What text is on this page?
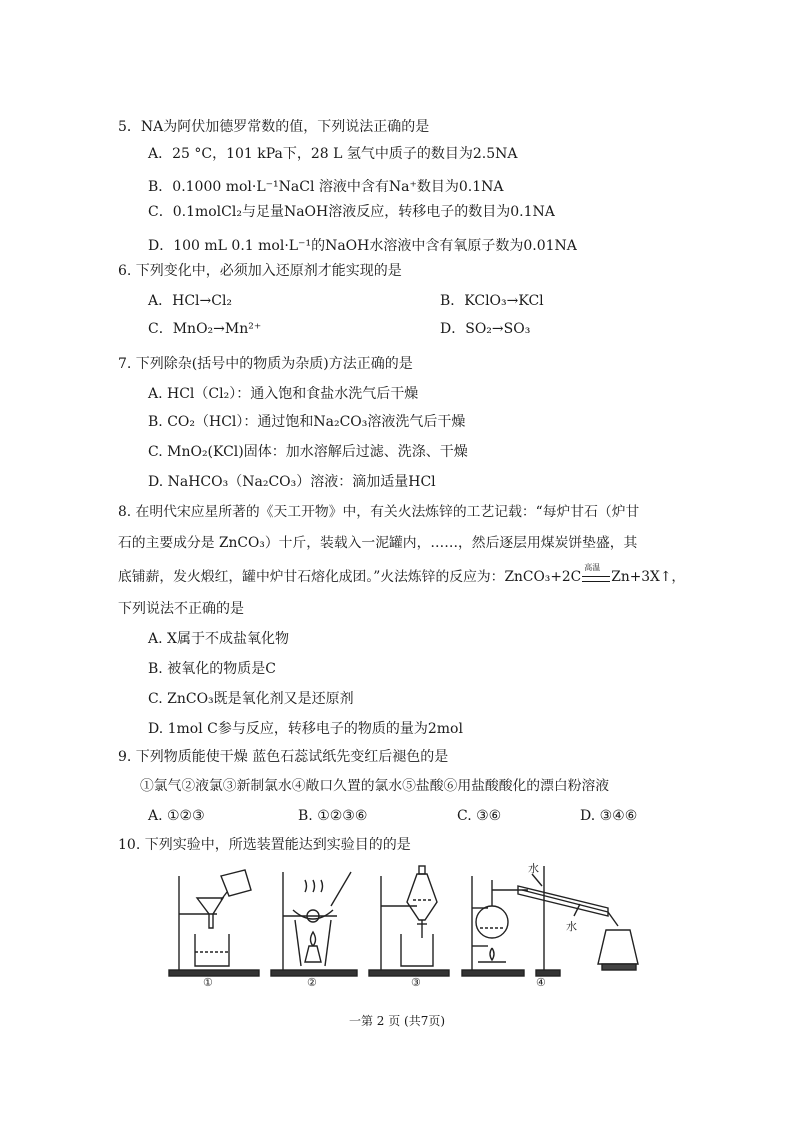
5．NA为阿伏加德罗常数的值，下列说法正确的是
A．25 °C，101 kPa下，28 L 氢气中质子的数目为2.5NA
B．0.1000 mol·L⁻¹NaCl 溶液中含有Na⁺数目为0.1NA
C．0.1molCl₂与足量NaOH溶液反应，转移电子的数目为0.1NA
D．100 mL 0.1 mol·L⁻¹的NaOH水溶液中含有氧原子数为0.01NA
6. 下列变化中，必须加入还原剂才能实现的是
A．HCl→Cl₂	B．KClO₃→KCl
C．MnO₂→Mn²⁺	D．SO₂→SO₃
7. 下列除杂(括号中的物质为杂质)方法正确的是
A. HCl（Cl₂）：通入饱和食盐水洗气后干燥
B. CO₂（HCl）：通过饱和Na₂CO₃溶液洗气后干燥
C. MnO₂(KCl)固体：加水溶解后过滤、洗涤、干燥
D. NaHCO₃（Na₂CO₃）溶液：滴加适量HCl
8. 在明代宋应星所著的《天工开物》中，有关火法炼锌的工艺记载：“每炉甘石（炉甘
石的主要成分是 ZnCO₃）十斤，装载入一泥罐内，……，然后逐层用煤炭饼垫盛，其
底铺薪，发火煅红，罐中炉甘石熔化成团。”火法炼锌的反应为：ZnCO₃+2C
高温
Zn+3X↑，
下列说法不正确的是
A. X属于不成盐氧化物
B. 被氧化的物质是C
C. ZnCO₃既是氧化剂又是还原剂
D. 1mol C参与反应，转移电子的物质的量为2mol
9. 下列物质能使干燥 蓝色石蕊试纸先变红后褪色的是
①氯气②液氯③新制氯水④敞口久置的氯水⑤盐酸⑥用盐酸酸化的漂白粉溶液
A. ①②③	B. ①②③⑥	C. ③⑥	D. ③④⑥
10. 下列实验中，所选装置能达到实验目的的是
①	②	③
水
水
④
一第 2 页 (共7页)
